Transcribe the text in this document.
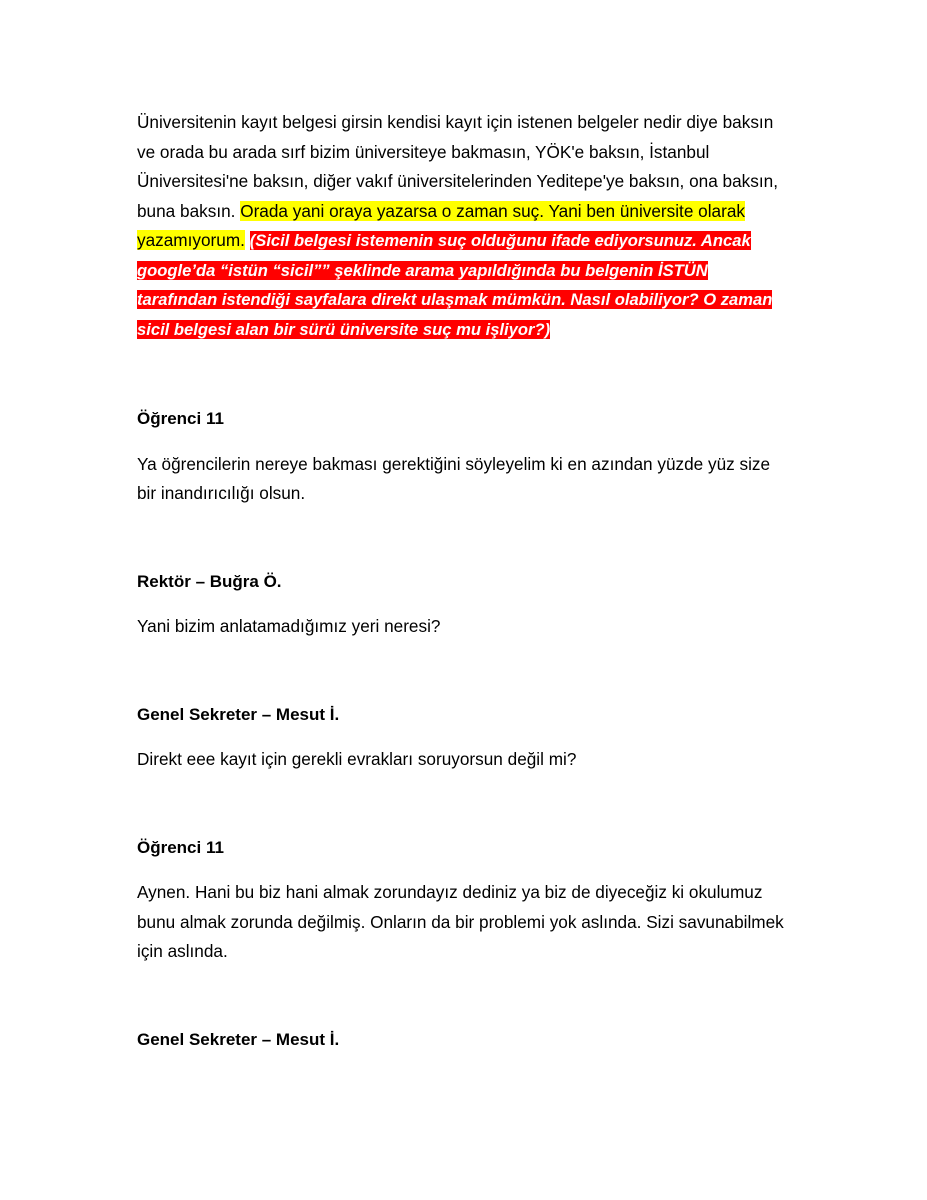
Üniversitenin kayıt belgesi girsin kendisi kayıt için istenen belgeler nedir diye baksın ve orada bu arada sırf bizim üniversiteye bakmasın, YÖK'e baksın, İstanbul Üniversitesi'ne baksın, diğer vakıf üniversitelerinden Yeditepe'ye baksın, ona baksın, buna baksın. Orada yani oraya yazarsa o zaman suç. Yani ben üniversite olarak yazamıyorum. (Sicil belgesi istemenin suç olduğunu ifade ediyorsunuz. Ancak google’da “istün “sicil”” şeklinde arama yapıldığında bu belgenin İSTÜN tarafından istendiği sayfalara direkt ulaşmak mümkün. Nasıl olabiliyor? O zaman sicil belgesi alan bir sürü üniversite suç mu işliyor?)

Öğrenci 11

Ya öğrencilerin nereye bakması gerektiğini söyleyelim ki en azından yüzde yüz size bir inandırıcılığı olsun.

Rektör – Buğra Ö.

Yani bizim anlatamadığımız yeri neresi?

Genel Sekreter – Mesut İ.

Direkt eee kayıt için gerekli evrakları soruyorsun değil mi?

Öğrenci 11

Aynen. Hani bu biz hani almak zorundayız dediniz ya biz de diyeceğiz ki okulumuz bunu almak zorunda değilmiş. Onların da bir problemi yok aslında. Sizi savunabilmek için aslında.

Genel Sekreter – Mesut İ.
